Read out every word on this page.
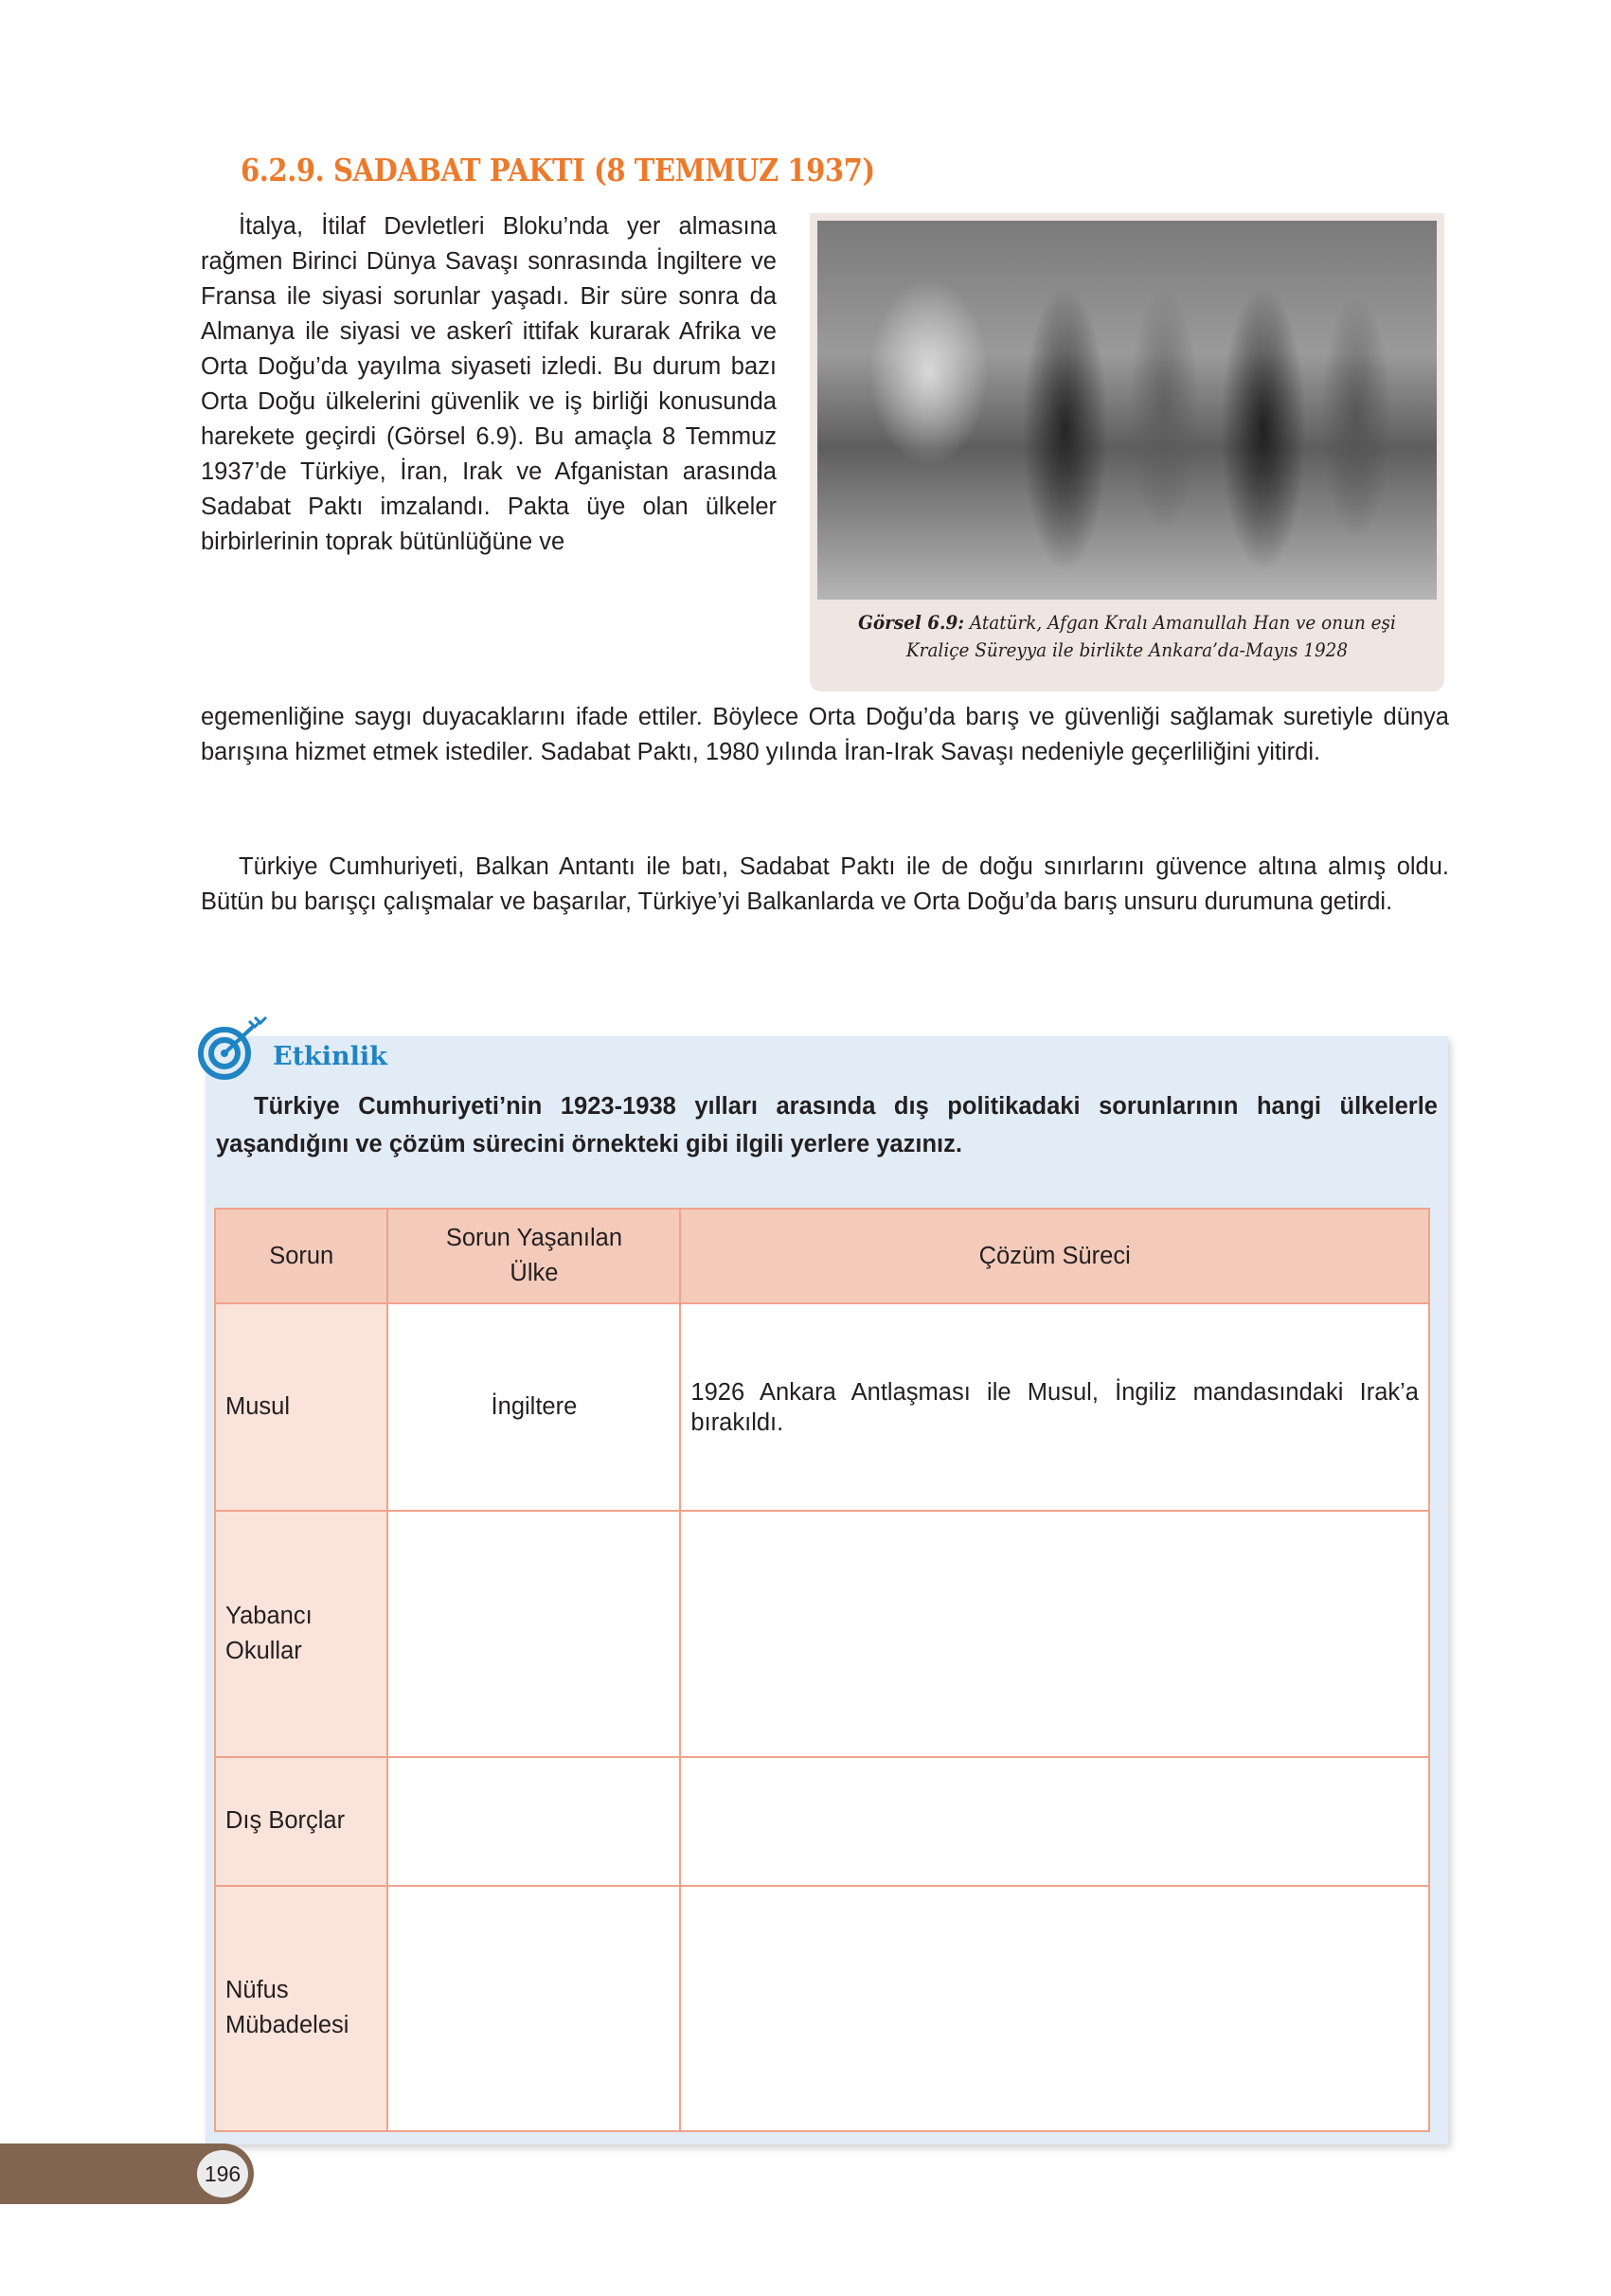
6.2.9. SADABAT PAKTI (8 TEMMUZ 1937)

İtalya, İtilaf Devletleri Bloku’nda yer almasına rağmen Birinci Dünya Savaşı sonrasında İngiltere ve Fransa ile siyasi sorunlar yaşadı. Bir süre sonra da Almanya ile siyasi ve askerî ittifak kurarak Afrika ve Orta Doğu’da yayılma siyaseti izledi. Bu durum bazı Orta Doğu ülkelerini güvenlik ve iş birliği konusunda harekete geçirdi (Görsel 6.9). Bu amaçla 8 Temmuz 1937’de Türkiye, İran, Irak ve Afganistan arasında Sadabat Paktı imzalandı. Pakta üye olan ülkeler birbirlerinin toprak bütünlüğüne ve

Görsel 6.9: Atatürk, Afgan Kralı Amanullah Han ve onun eşi Kraliçe Süreyya ile birlikte Ankara’da-Mayıs 1928

egemenliğine saygı duyacaklarını ifade ettiler. Böylece Orta Doğu’da barış ve güvenliği sağlamak suretiyle dünya barışına hizmet etmek istediler. Sadabat Paktı, 1980 yılında İran-Irak Savaşı nedeniyle geçerliliğini yitirdi.

Türkiye Cumhuriyeti, Balkan Antantı ile batı, Sadabat Paktı ile de doğu sınırlarını güvence altına almış oldu. Bütün bu barışçı çalışmalar ve başarılar, Türkiye’yi Balkanlarda ve Orta Doğu’da barış unsuru durumuna getirdi.

Etkinlik

Türkiye Cumhuriyeti’nin 1923-1938 yılları arasında dış politikadaki sorunlarının hangi ülkelerle yaşandığını ve çözüm sürecini örnekteki gibi ilgili yerlere yazınız.

Sorun	Sorun Yaşanılan Ülke	Çözüm Süreci
Musul	İngiltere	1926 Ankara Antlaşması ile Musul, İngiliz mandasındaki Irak’a bırakıldı.
Yabancı Okullar		
Dış Borçlar		
Nüfus Mübadelesi		
196
